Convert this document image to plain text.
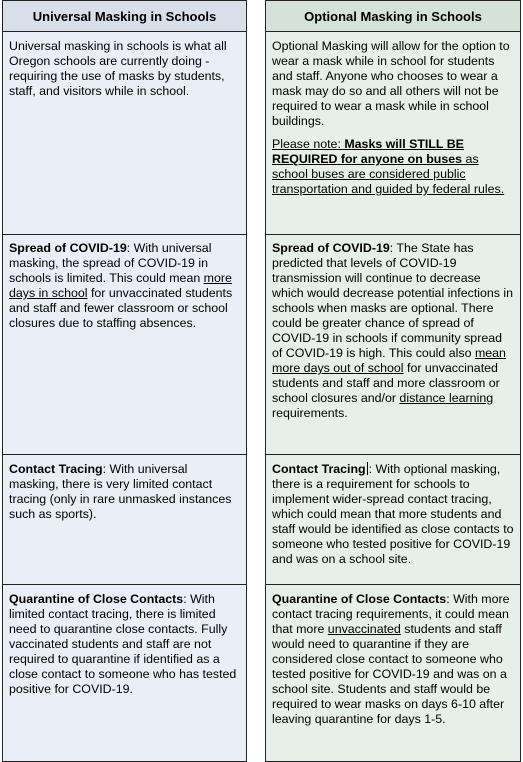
Universal Masking in Schools
Universal masking in schools is what all Oregon schools are currently doing - requiring the use of masks by students, staff, and visitors while in school.
Spread of COVID-19: With universal masking, the spread of COVID-19 in schools is limited. This could mean more days in school for unvaccinated students and staff and fewer classroom or school closures due to staffing absences.
Contact Tracing: With universal masking, there is very limited contact tracing (only in rare unmasked instances such as sports).
Quarantine of Close Contacts: With limited contact tracing, there is limited need to quarantine close contacts. Fully vaccinated students and staff are not required to quarantine if identified as a close contact to someone who has tested positive for COVID-19.
Optional Masking in Schools

Optional Masking will allow for the option to wear a mask while in school for students and staff. Anyone who chooses to wear a mask may do so and all others will not be required to wear a mask while in school buildings.

Please note: Masks will STILL BE REQUIRED for anyone on buses as school buses are considered public transportation and guided by federal rules.

Spread of COVID-19: The State has predicted that levels of COVID-19 transmission will continue to decrease which would decrease potential infections in schools when masks are optional. There could be greater chance of spread of COVID-19 in schools if community spread of COVID-19 is high. This could also mean more days out of school for unvaccinated students and staff and more classroom or school closures and/or distance learning requirements.
Contact Tracing : With optional masking, there is a requirement for schools to implement wider-spread contact tracing, which could mean that more students and staff would be identified as close contacts to someone who tested positive for COVID-19 and was on a school site.
Quarantine of Close Contacts: With more contact tracing requirements, it could mean that more unvaccinated students and staff would need to quarantine if they are considered close contact to someone who tested positive for COVID-19 and was on a school site. Students and staff would be required to wear masks on days 6-10 after leaving quarantine for days 1-5.
